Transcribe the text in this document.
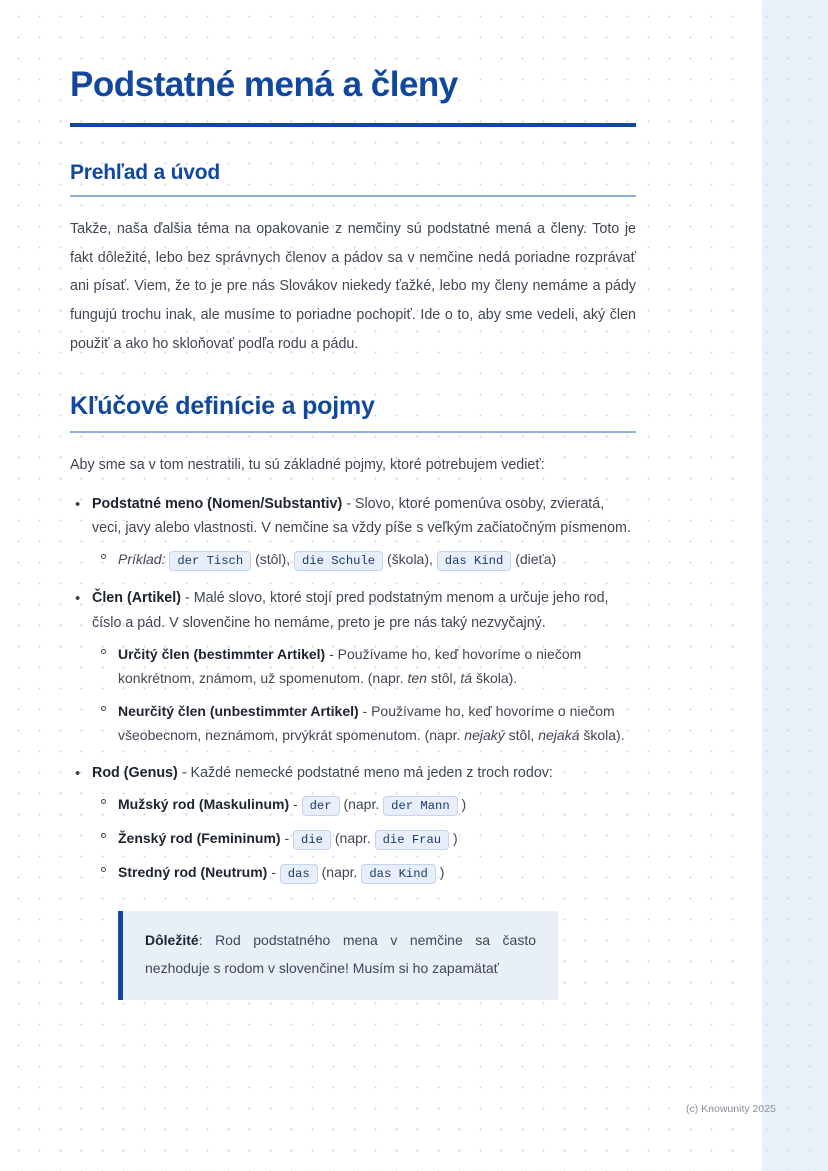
Podstatné mená a členy
Prehľad a úvod

Takže, naša ďalšia téma na opakovanie z nemčiny sú podstatné mená a členy. Toto je fakt dôležité, lebo bez správnych členov a pádov sa v nemčine nedá poriadne rozprávať ani písať. Viem, že to je pre nás Slovákov niekedy ťažké, lebo my členy nemáme a pády fungujú trochu inak, ale musíme to poriadne pochopiť. Ide o to, aby sme vedeli, aký člen použiť a ako ho skloňovať podľa rodu a pádu.

Kľúčové definície a pojmy

Aby sme sa v tom nestratili, tu sú základné pojmy, ktoré potrebujem vedieť:

• Podstatné meno (Nomen/Substantiv) - Slovo, ktoré pomenúva osoby, zvieratá, veci, javy alebo vlastnosti. V nemčine sa vždy píše s veľkým začiatočným písmenom.
Príklad: der Tisch (stôl), die Schule (škola), das Kind (dieťa)
• Člen (Artikel) - Malé slovo, ktoré stojí pred podstatným menom a určuje jeho rod, číslo a pád. V slovenčine ho nemáme, preto je pre nás taký nezvyčajný.
Určitý člen (bestimmter Artikel) - Používame ho, keď hovoríme o niečom konkrétnom, známom, už spomenutom. (napr. ten stôl, tá škola).
Neurčitý člen (unbestimmter Artikel) - Používame ho, keď hovoríme o niečom všeobecnom, neznámom, prvýkrát spomenutom. (napr. nejaký stôl, nejaká škola).
• Rod (Genus) - Každé nemecké podstatné meno má jeden z troch rodov:
Mužský rod (Maskulinum) - der (napr. der Mann )
Ženský rod (Femininum) - die (napr. die Frau )
Stredný rod (Neutrum) - das (napr. das Kind )

Dôležité: Rod podstatného mena v nemčine sa často nezhoduje s rodom v slovenčine! Musím si ho zapamätať

(c) Knowunity 2025
